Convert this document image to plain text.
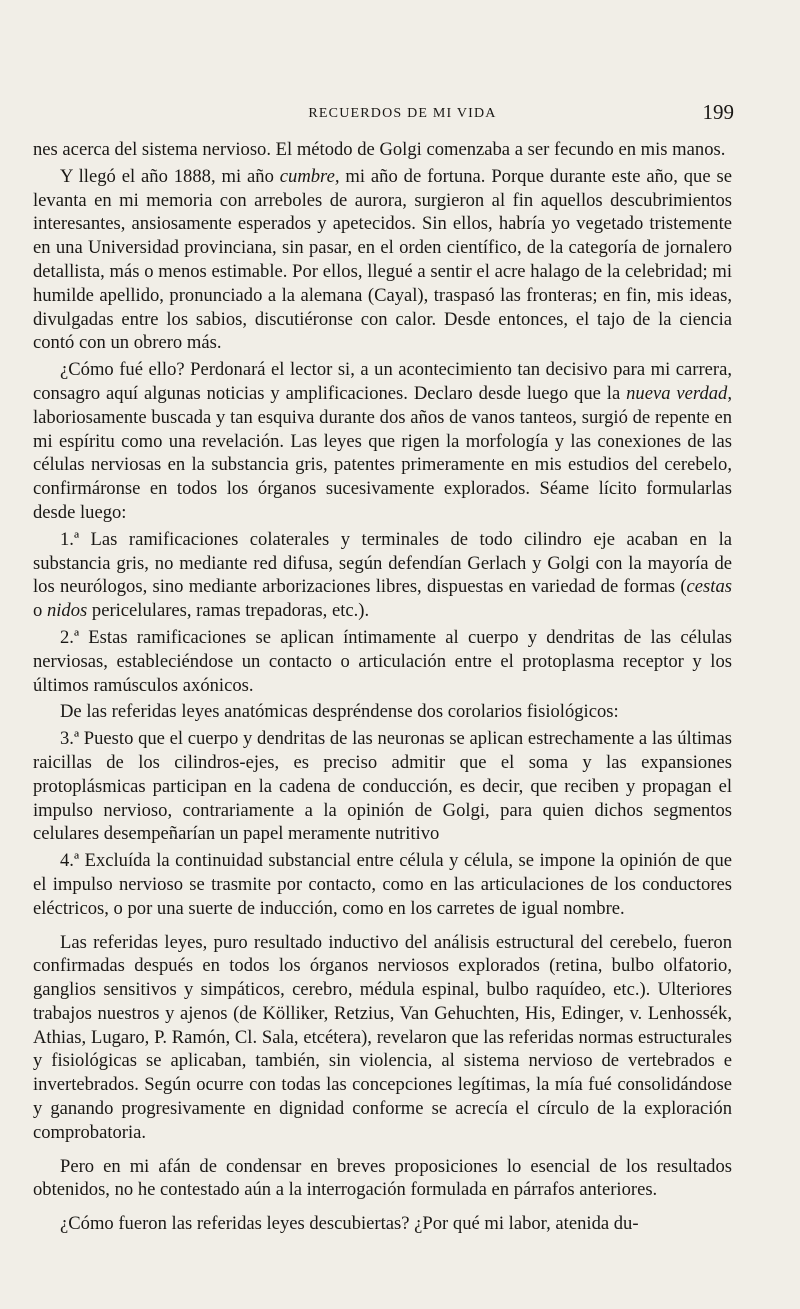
RECUERDOS DE MI VIDA	199

nes acerca del sistema nervioso. El método de Golgi comenzaba a ser fecundo en mis manos.

Y llegó el año 1888, mi año cumbre, mi año de fortuna. Porque durante este año, que se levanta en mi memoria con arreboles de aurora, surgieron al fin aquellos descubrimientos interesantes, ansiosamente esperados y apetecidos. Sin ellos, habría yo vegetado tristemente en una Universidad provinciana, sin pasar, en el orden científico, de la categoría de jornalero detallista, más o menos estimable. Por ellos, llegué a sentir el acre halago de la celebridad; mi humilde apellido, pronunciado a la alemana (Cayal), traspasó las fronteras; en fin, mis ideas, divulgadas entre los sabios, discutiéronse con calor. Desde entonces, el tajo de la ciencia contó con un obrero más.

¿Cómo fué ello? Perdonará el lector si, a un acontecimiento tan decisivo para mi carrera, consagro aquí algunas noticias y amplificaciones. Declaro desde luego que la nueva verdad, laboriosamente buscada y tan esquiva durante dos años de vanos tanteos, surgió de repente en mi espíritu como una revelación. Las leyes que rigen la morfología y las conexiones de las células nerviosas en la substancia gris, patentes primeramente en mis estudios del cerebelo, confirmáronse en todos los órganos sucesivamente explorados. Séame lícito formularlas desde luego:

1.ª Las ramificaciones colaterales y terminales de todo cilindro eje acaban en la substancia gris, no mediante red difusa, según defendían Gerlach y Golgi con la mayoría de los neurólogos, sino mediante arborizaciones libres, dispuestas en variedad de formas (cestas o nidos pericelulares, ramas trepadoras, etc.).

2.ª Estas ramificaciones se aplican íntimamente al cuerpo y dendritas de las células nerviosas, estableciéndose un contacto o articulación entre el protoplasma receptor y los últimos ramúsculos axónicos.

De las referidas leyes anatómicas despréndense dos corolarios fisiológicos:

3.ª Puesto que el cuerpo y dendritas de las neuronas se aplican estrechamente a las últimas raicillas de los cilindros-ejes, es preciso admitir que el soma y las expansiones protoplásmicas participan en la cadena de conducción, es decir, que reciben y propagan el impulso nervioso, contrariamente a la opinión de Golgi, para quien dichos segmentos celulares desempeñarían un papel meramente nutritivo

4.ª Excluída la continuidad substancial entre célula y célula, se impone la opinión de que el impulso nervioso se trasmite por contacto, como en las articulaciones de los conductores eléctricos, o por una suerte de inducción, como en los carretes de igual nombre.

Las referidas leyes, puro resultado inductivo del análisis estructural del cerebelo, fueron confirmadas después en todos los órganos nerviosos explorados (retina, bulbo olfatorio, ganglios sensitivos y simpáticos, cerebro, médula espinal, bulbo raquídeo, etc.). Ulteriores trabajos nuestros y ajenos (de Kölliker, Retzius, Van Gehuchten, His, Edinger, v. Lenhossék, Athias, Lugaro, P. Ramón, Cl. Sala, etcétera), revelaron que las referidas normas estructurales y fisiológicas se aplicaban, también, sin violencia, al sistema nervioso de vertebrados e invertebrados. Según ocurre con todas las concepciones legítimas, la mía fué consolidándose y ganando progresivamente en dignidad conforme se acrecía el círculo de la exploración comprobatoria.

Pero en mi afán de condensar en breves proposiciones lo esencial de los resultados obtenidos, no he contestado aún a la interrogación formulada en párrafos anteriores.

¿Cómo fueron las referidas leyes descubiertas? ¿Por qué mi labor, atenida du-
